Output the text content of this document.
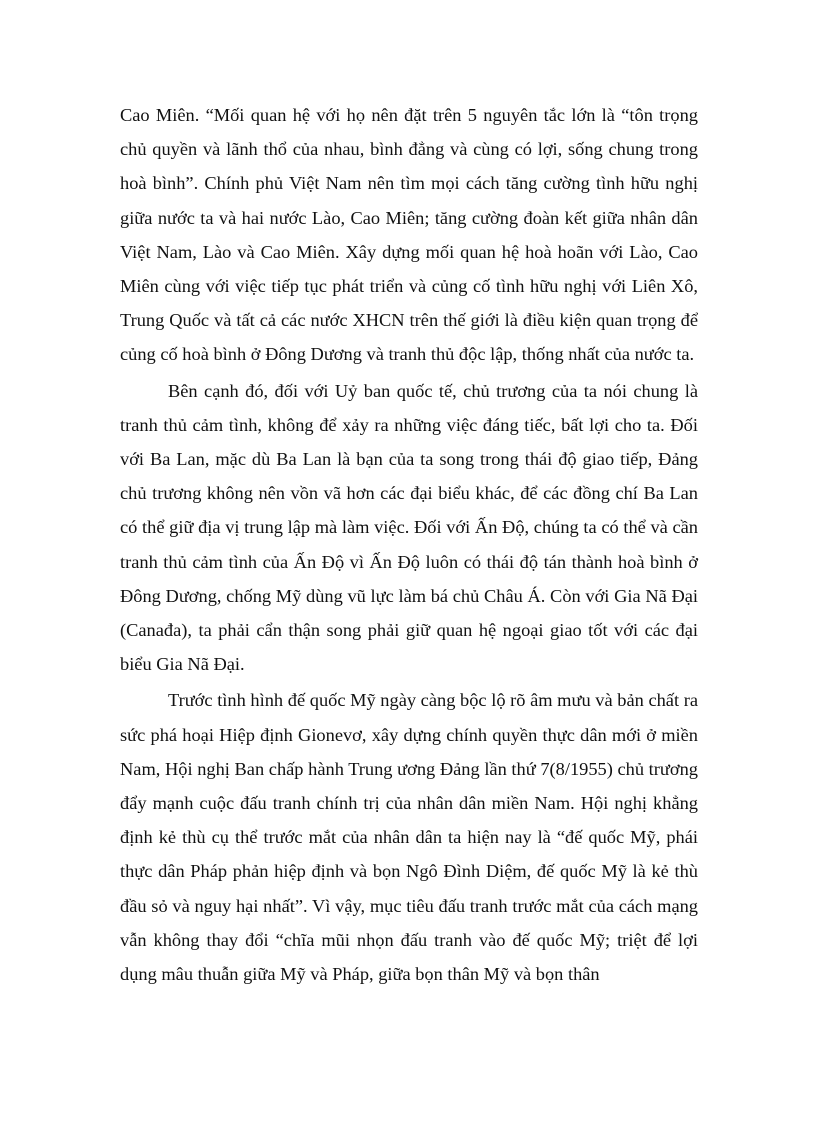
Cao Miên. “Mối quan hệ với họ nên đặt trên 5 nguyên tắc lớn là “tôn trọng chủ quyền và lãnh thổ của nhau, bình đẳng và cùng có lợi, sống chung trong hoà bình”. Chính phủ Việt Nam nên tìm mọi cách tăng cường tình hữu nghị giữa nước ta và hai nước Lào, Cao Miên; tăng cường đoàn kết giữa nhân dân Việt Nam, Lào và Cao Miên. Xây dựng mối quan hệ hoà hoãn với Lào, Cao Miên cùng với việc tiếp tục phát triển và củng cố tình hữu nghị với Liên Xô, Trung Quốc và tất cả các nước XHCN trên thế giới là điều kiện quan trọng để củng cố hoà bình ở Đông Dương và tranh thủ độc lập, thống nhất của nước ta.

Bên cạnh đó, đối với Uỷ ban quốc tế, chủ trương của ta nói chung là tranh thủ cảm tình, không để xảy ra những việc đáng tiếc, bất lợi cho ta. Đối với Ba Lan, mặc dù Ba Lan là bạn của ta song trong thái độ giao tiếp, Đảng chủ trương không nên vồn vã hơn các đại biểu khác, để các đồng chí Ba Lan có thể giữ địa vị trung lập mà làm việc. Đối với Ấn Độ, chúng ta có thể và cần tranh thủ cảm tình của Ấn Độ vì Ấn Độ luôn có thái độ tán thành hoà bình ở Đông Dương, chống Mỹ dùng vũ lực làm bá chủ Châu Á. Còn với Gia Nã Đại (Canađa), ta phải cẩn thận song phải giữ quan hệ ngoại giao tốt với các đại biểu Gia Nã Đại.

Trước tình hình đế quốc Mỹ ngày càng bộc lộ rõ âm mưu và bản chất ra sức phá hoại Hiệp định Gionevơ, xây dựng chính quyền thực dân mới ở miền Nam, Hội nghị Ban chấp hành Trung ương Đảng lần thứ 7(8/1955) chủ trương đẩy mạnh cuộc đấu tranh chính trị của nhân dân miền Nam. Hội nghị khẳng định kẻ thù cụ thể trước mắt của nhân dân ta hiện nay là “đế quốc Mỹ, phái thực dân Pháp phản hiệp định và bọn Ngô Đình Diệm, đế quốc Mỹ là kẻ thù đầu sỏ và nguy hại nhất”. Vì vậy, mục tiêu đấu tranh trước mắt của cách mạng vẫn không thay đổi “chĩa mũi nhọn đấu tranh vào đế quốc Mỹ; triệt để lợi dụng mâu thuẫn giữa Mỹ và Pháp, giữa bọn thân Mỹ và bọn thân
